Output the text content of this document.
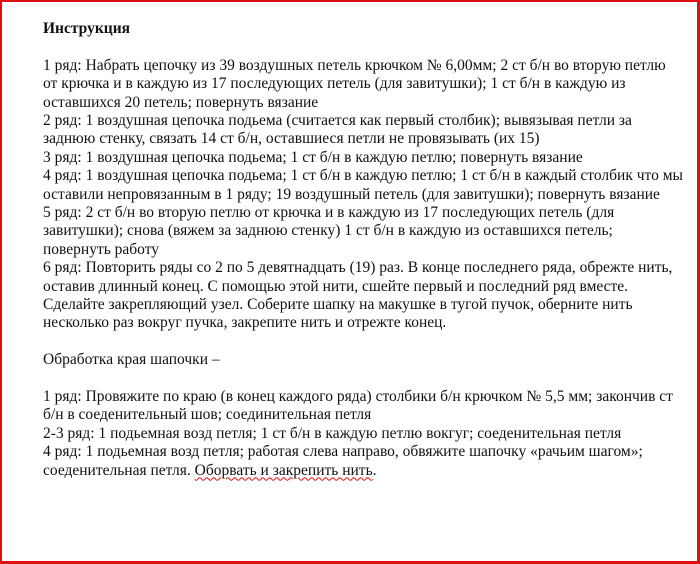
Инструкция
1 ряд: Набрать цепочку из 39 воздушных петель крючком № 6,00мм; 2 ст б/н во вторую петлю от крючка и в каждую из 17 последующих петель (для завитушки); 1 ст б/н в каждую из оставшихся 20 петель; повернуть вязание
2 ряд: 1 воздушная цепочка подьема (считается как первый столбик); вывязывая петли за заднюю стенку, связать 14 ст б/н, оставшиеся петли не провязывать (их 15)
3 ряд: 1 воздушная цепочка подьема; 1 ст б/н в каждую петлю; повернуть вязание
4 ряд: 1 воздушная цепочка подьема; 1 ст б/н в каждую петлю; 1 ст б/н в каждый столбик что мы оставили непровязанным в 1 ряду; 19 воздушный петель (для завитушки); повернуть вязание
5 ряд: 2 ст б/н во вторую петлю от крючка и в каждую из 17 последующих петель (для завитушки); снова (вяжем за заднюю стенку) 1 ст б/н в каждую из оставшихся петель; повернуть работу
6 ряд: Повторить ряды со 2 по 5 девятнадцать (19) раз. В конце последнего ряда, обрежте нить, оставив длинный конец. С помощью этой нити, сшейте первый и последний ряд вместе. Сделайте закрепляющий узел. Соберите шапку на макушке в тугой пучок, оберните нить несколько раз вокруг пучка, закрепите нить и отрежте конец.
Обработка края шапочки –
1 ряд: Провяжите по краю (в конец каждого ряда) столбики б/н крючком № 5,5 мм; закончив ст б/н в соеденительный шов; соединительная петля
2-3 ряд: 1 подьемная возд петля; 1 ст б/н в каждую петлю вокгуг; соеденительная петля
4 ряд: 1 подьемная возд петля; работая слева направо, обвяжите шапочку «рачьим шагом»; соеденительная петля. Оборвать и закрепить нить.
